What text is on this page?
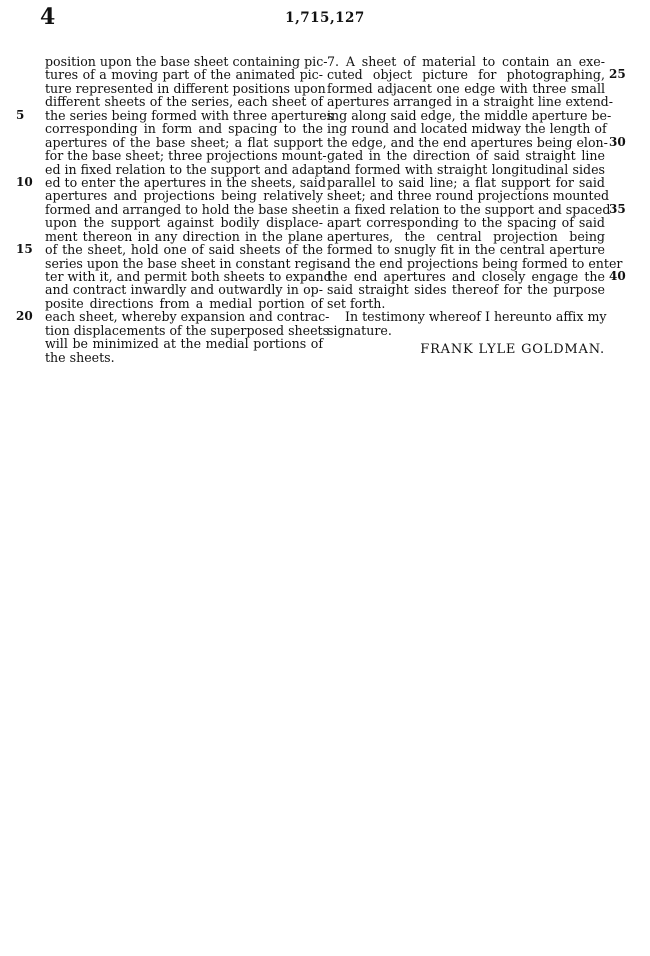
4	1,715,127
position upon the base sheet containing pic-
tures of a moving part of the animated pic-
ture represented in different positions upon
different sheets of the series, each sheet of
5	the series being formed with three apertures
corresponding in form and spacing to the
apertures of the base sheet; a flat support
for the base sheet; three projections mount-
ed in fixed relation to the support and adapt-
10 ed to enter the apertures in the sheets, said
apertures and projections being relatively
formed and arranged to hold the base sheet
upon the support against bodily displace-
ment thereon in any direction in the plane
15 of the sheet, hold one of said sheets of the
series upon the base sheet in constant regis-
ter with it, and permit both sheets to expand
and contract inwardly and outwardly in op-
posite directions from a medial portion of
20 each sheet, whereby expansion and contrac-
tion displacements of the superposed sheets
will be minimized at the medial portions of
the sheets.
7. A sheet of material to contain an exe-
cuted object picture for photographing, 25
formed adjacent one edge with three small
apertures arranged in a straight line extend-
ing along said edge, the middle aperture be-
ing round and located midway the length of
the edge, and the end apertures being elon- 30
gated in the direction of said straight line
and formed with straight longitudinal sides
parallel to said line; a flat support for said
sheet; and three round projections mounted
in a fixed relation to the support and spaced
35
apart corresponding to the spacing of said
apertures, the central projection being
formed to snugly fit in the central aperture
and the end projections being formed to enter
the end apertures and closely engage the 40
said straight sides thereof for the purpose
set forth.
In testimony whereof I hereunto affix my
signature.
FRANK LYLE GOLDMAN.
